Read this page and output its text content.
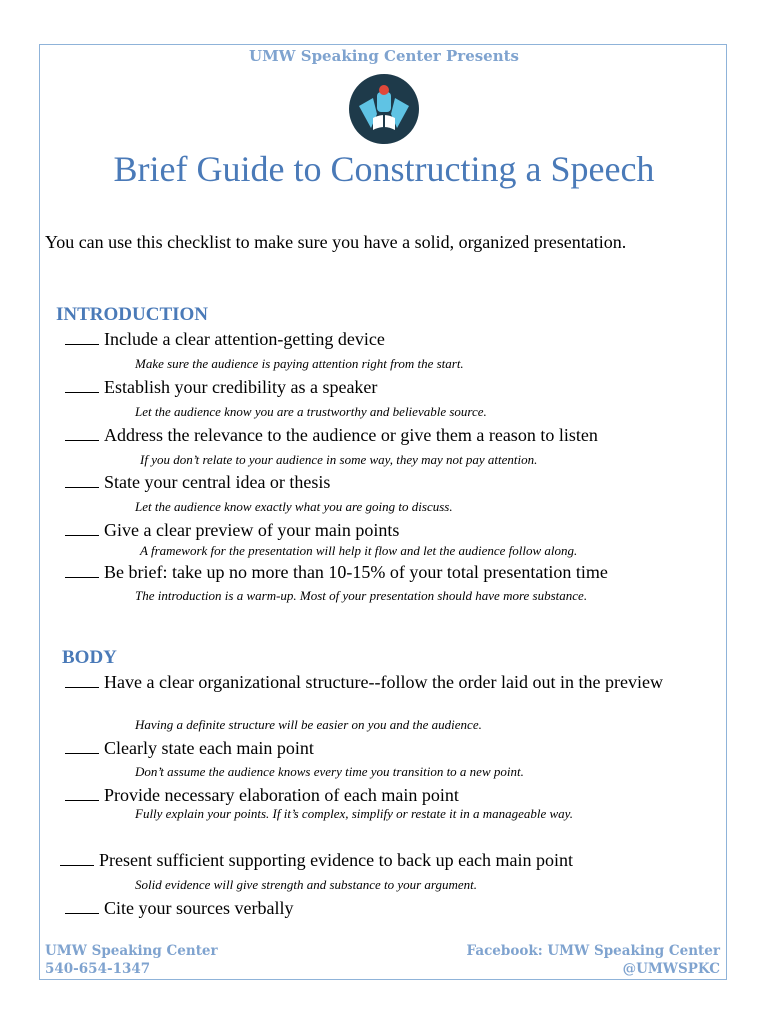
UMW Speaking Center Presents
Brief Guide to Constructing a Speech
You can use this checklist to make sure you have a solid, organized presentation.
INTRODUCTION
Include a clear attention-getting device
Make sure the audience is paying attention right from the start.
Establish your credibility as a speaker
Let the audience know you are a trustworthy and believable source.
Address the relevance to the audience or give them a reason to listen
If you don’t relate to your audience in some way, they may not pay attention.
State your central idea or thesis
Let the audience know exactly what you are going to discuss.
Give a clear preview of your main points
A framework for the presentation will help it flow and let the audience follow along.
Be brief: take up no more than 10-15% of your total presentation time
The introduction is a warm-up. Most of your presentation should have more substance.
BODY
Have a clear organizational structure--follow the order laid out in the preview
Having a definite structure will be easier on you and the audience.
Clearly state each main point
Don’t assume the audience knows every time you transition to a new point.
Provide necessary elaboration of each main point
Fully explain your points. If it’s complex, simplify or restate it in a manageable way.
Present sufficient supporting evidence to back up each main point
Solid evidence will give strength and substance to your argument.
Cite your sources verbally
UMW Speaking Center
540-654-1347
Facebook: UMW Speaking Center
@UMWSPKC
